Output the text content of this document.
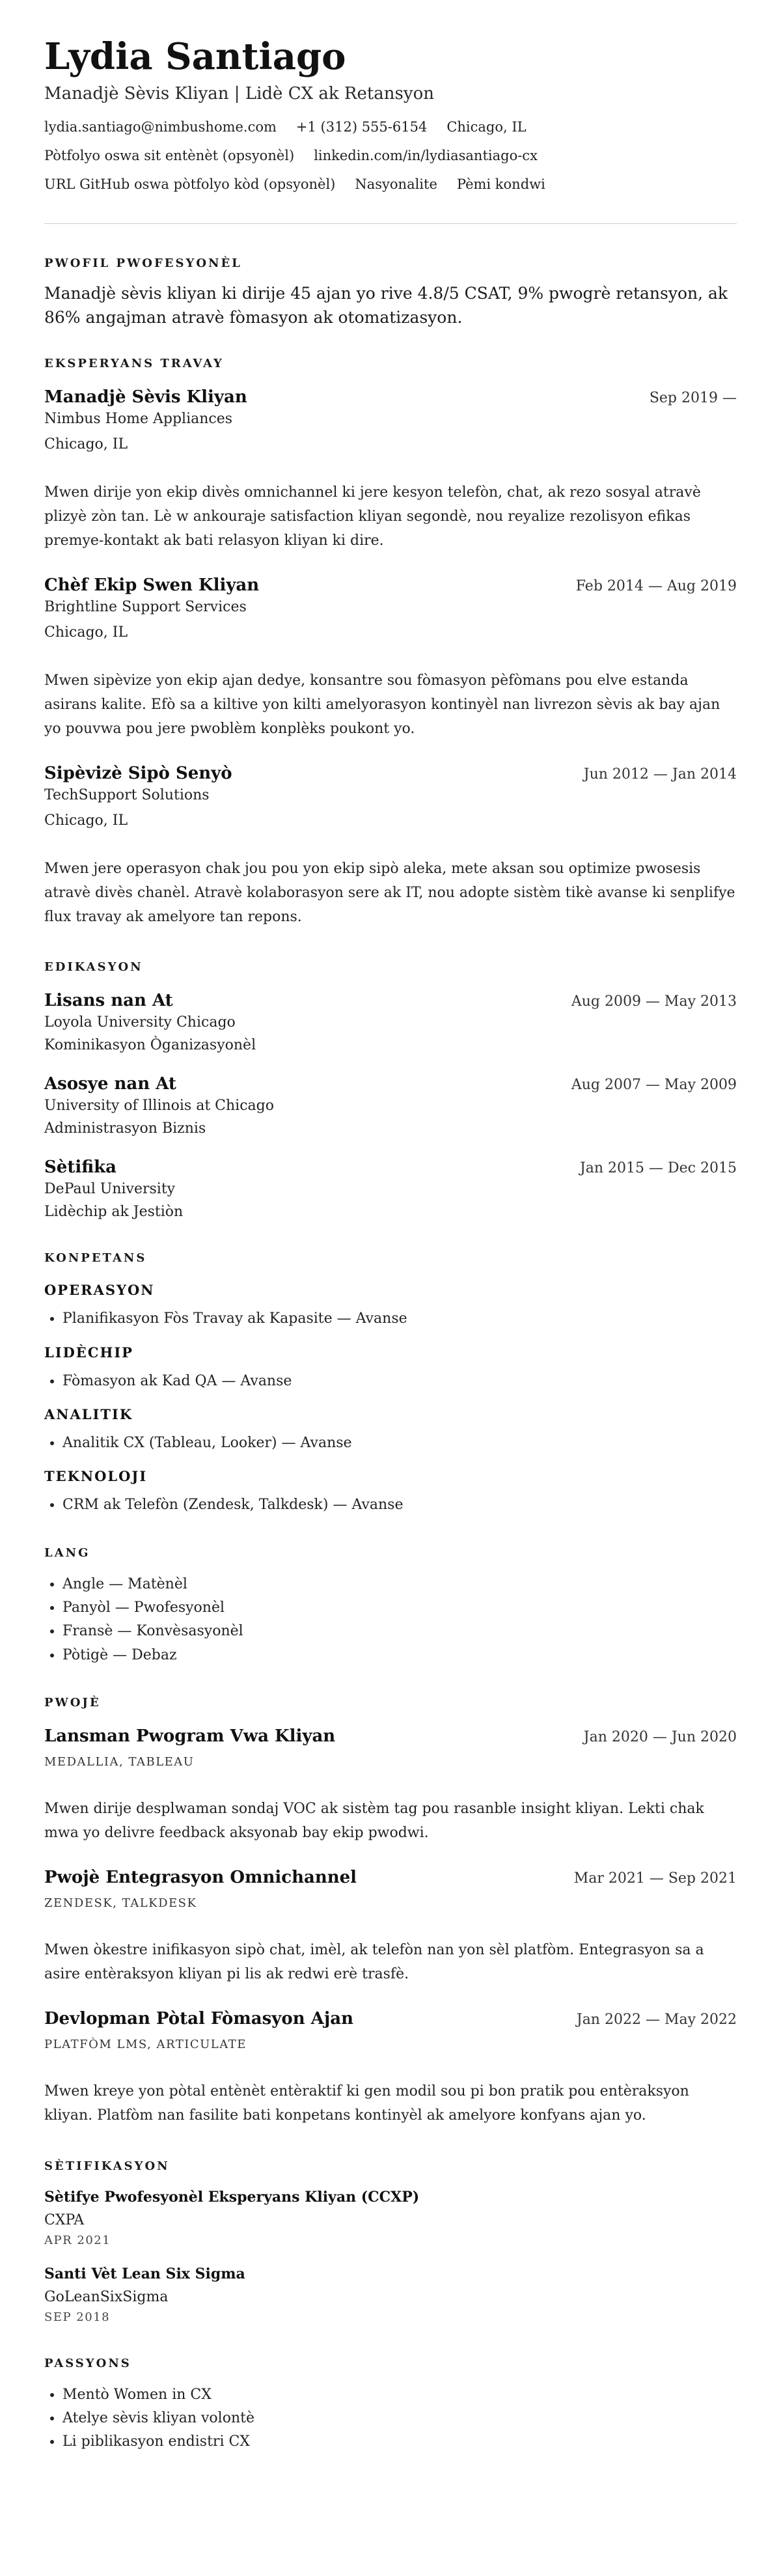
Lydia Santiago
Manadjè Sèvis Kliyan | Lidè CX ak Retansyon
lydia.santiago@nimbushome.com +1 (312) 555-6154 Chicago, IL
Pòtfolyo oswa sit entènèt (opsyonèl) linkedin.com/in/lydiasantiago-cx
URL GitHub oswa pòtfolyo kòd (opsyonèl) Nasyonalite Pèmi kondwi
PWOFIL PWOFESYONÈL
Manadjè sèvis kliyan ki dirije 45 ajan yo rive 4.8/5 CSAT, 9% pwogrè retansyon, ak 86% angajman atravè fòmasyon ak otomatizasyon.
EKSPERYANS TRAVAY
Manadjè Sèvis Kliyan	Sep 2019 —
Nimbus Home Appliances
Chicago, IL
Mwen dirije yon ekip divès omnichannel ki jere kesyon telefòn, chat, ak rezo sosyal atravè plizyè zòn tan. Lè w ankouraje satisfaction kliyan segondè, nou reyalize rezolisyon efikas premye-kontakt ak bati relasyon kliyan ki dire.
Chèf Ekip Swen Kliyan	Feb 2014 — Aug 2019
Brightline Support Services
Chicago, IL
Mwen sipèvize yon ekip ajan dedye, konsantre sou fòmasyon pèfòmans pou elve estanda asirans kalite. Efò sa a kiltive yon kilti amelyorasyon kontinyèl nan livrezon sèvis ak bay ajan yo pouvwa pou jere pwoblèm konplèks poukont yo.
Sipèvizè Sipò Senyò	Jun 2012 — Jan 2014
TechSupport Solutions
Chicago, IL
Mwen jere operasyon chak jou pou yon ekip sipò aleka, mete aksan sou optimize pwosesis atravè divès chanèl. Atravè kolaborasyon sere ak IT, nou adopte sistèm tikè avanse ki senplifye flux travay ak amelyore tan repons.
EDIKASYON
Lisans nan At	Aug 2009 — May 2013
Loyola University Chicago
Kominikasyon Òganizasyonèl
Asosye nan At	Aug 2007 — May 2009
University of Illinois at Chicago
Administrasyon Biznis
Sètifika	Jan 2015 — Dec 2015
DePaul University
Lidèchip ak Jestiòn
KONPETANS
OPERASYON
• Planifikasyon Fòs Travay ak Kapasite — Avanse
LIDÈCHIP
• Fòmasyon ak Kad QA — Avanse
ANALITIK
• Analitik CX (Tableau, Looker) — Avanse
TEKNOLOJI
• CRM ak Telefòn (Zendesk, Talkdesk) — Avanse
LANG
• Angle — Matènèl
• Panyòl — Pwofesyonèl
• Fransè — Konvèsasyonèl
• Pòtigè — Debaz
PWOJÈ
Lansman Pwogram Vwa Kliyan	Jan 2020 — Jun 2020
MEDALLIA, TABLEAU
Mwen dirije desplwaman sondaj VOC ak sistèm tag pou rasanble insight kliyan. Lekti chak mwa yo delivre feedback aksyonab bay ekip pwodwi.
Pwojè Entegrasyon Omnichannel	Mar 2021 — Sep 2021
ZENDESK, TALKDESK
Mwen òkestre inifikasyon sipò chat, imèl, ak telefòn nan yon sèl platfòm. Entegrasyon sa a asire entèraksyon kliyan pi lis ak redwi erè trasfè.
Devlopman Pòtal Fòmasyon Ajan	Jan 2022 — May 2022
PLATFÒM LMS, ARTICULATE
Mwen kreye yon pòtal entènèt entèraktif ki gen modil sou pi bon pratik pou entèraksyon kliyan. Platfòm nan fasilite bati konpetans kontinyèl ak amelyore konfyans ajan yo.
SÈTIFIKASYON
Sètifye Pwofesyonèl Eksperyans Kliyan (CCXP)
CXPA
APR 2021
Santi Vèt Lean Six Sigma
GoLeanSixSigma
SEP 2018
PASSYONS
• Mentò Women in CX
• Atelye sèvis kliyan volontè
• Li piblikasyon endistri CX
